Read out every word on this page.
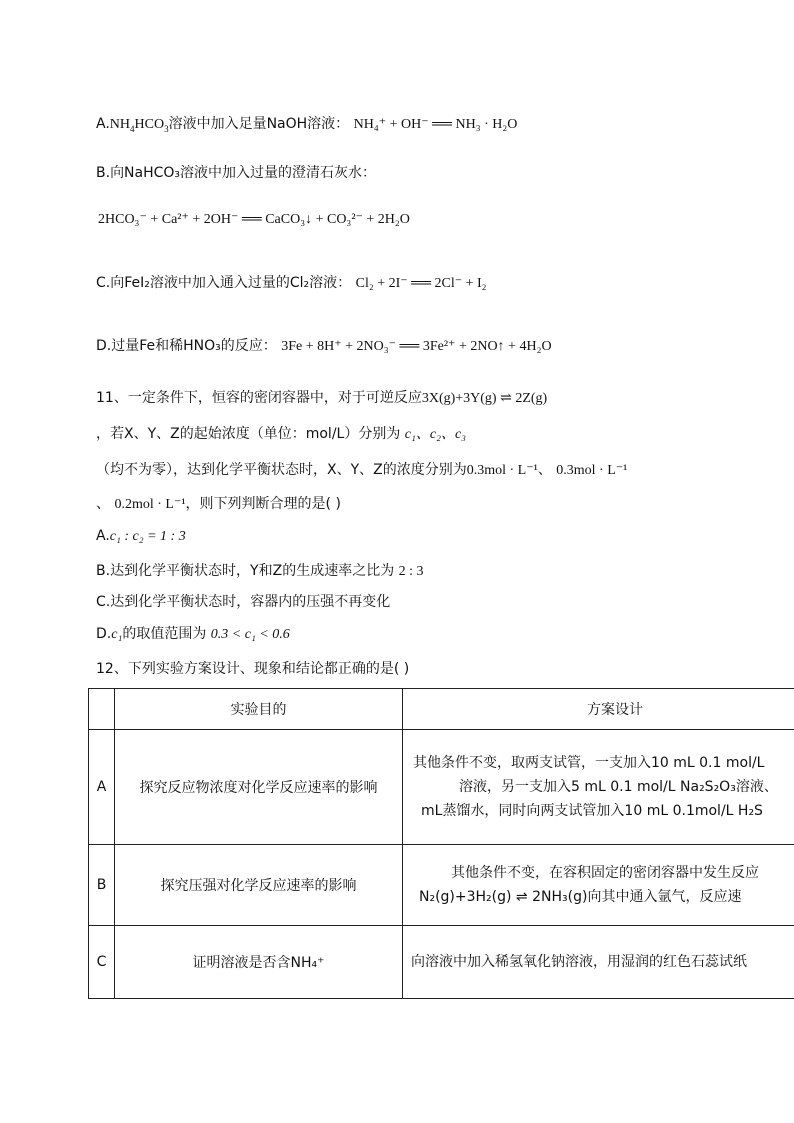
$A.NH_4HCO_3$溶液中加入足量NaOH溶液： NH₄⁺ + OH⁻ ══ NH₃ · H₂O
B.向NaHCO₃溶液中加入过量的澄清石灰水：
2HCO₃⁻ + Ca²⁺ + 2OH⁻ ══ CaCO₃↓ + CO₃²⁻ + 2H₂O
C.向FeI₂溶液中加入通入过量的Cl₂溶液： Cl₂ + 2I⁻ ══ 2Cl⁻ + I₂
D.过量Fe和稀HNO₃的反应： 3Fe + 8H⁺ + 2NO₃⁻ ══ 3Fe²⁺ + 2NO↑ + 4H₂O
11、一定条件下，恒容的密闭容器中，对于可逆反应3X(g)+3Y(g) ⇌ 2Z(g)
，若X、Y、Z的起始浓度（单位：mol/L）分别为 c₁、c₂、c₃
（均不为零），达到化学平衡状态时，X、Y、Z的浓度分别为0.3mol · L⁻¹、 0.3mol · L⁻¹
、 0.2mol · L⁻¹，则下列判断合理的是( )
A.c₁ : c₂ = 1 : 3
B.达到化学平衡状态时，Y和Z的生成速率之比为 2 : 3
C.达到化学平衡状态时，容器内的压强不再变化
D.c₁的取值范围为 0.3 < c₁ < 0.6
12、下列实验方案设计、现象和结论都正确的是( )
	实验目的	方案设计
A	探究反应物浓度对化学反应速率的影响	其他条件不变，取两支试管，一支加入10 mL 0.1 mol/L
溶液，另一支加入5 mL 0.1 mol/L Na₂S₂O₃溶液、
mL蒸馏水，同时向两支试管加入10 mL 0.1mol/L H₂S

B	探究压强对化学反应速率的影响	其他条件不变，在容积固定的密闭容器中发生反应
N₂(g)+3H₂(g) ⇌ 2NH₃(g)向其中通入氩气，反应速

C	证明溶液是否含NH₄⁺	向溶液中加入稀氢氧化钠溶液，用湿润的红色石蕊试纸
